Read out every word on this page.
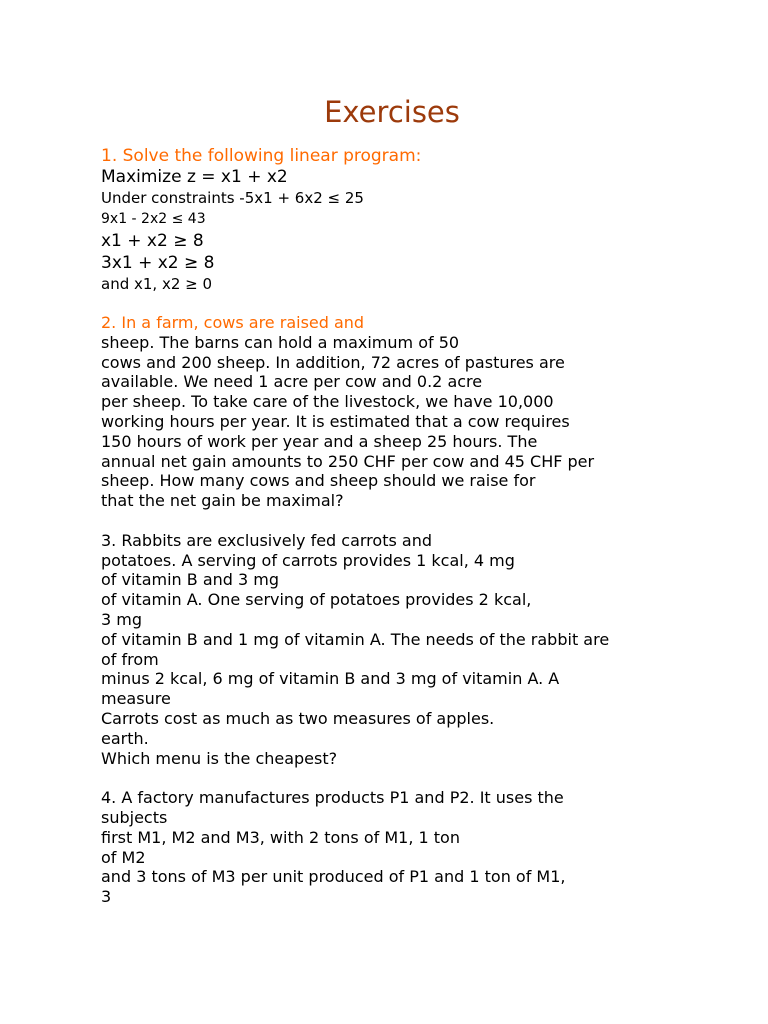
Exercises
1. Solve the following linear program:
Maximize z = x1 + x2
Under constraints -5x1 + 6x2 ≤ 25
9x1 - 2x2 ≤ 43
x1 + x2 ≥ 8
3x1 + x2 ≥ 8
and x1, x2 ≥ 0
2. In a farm, cows are raised and
sheep. The barns can hold a maximum of 50
cows and 200 sheep. In addition, 72 acres of pastures are
available. We need 1 acre per cow and 0.2 acre
per sheep. To take care of the livestock, we have 10,000
working hours per year. It is estimated that a cow requires
150 hours of work per year and a sheep 25 hours. The
annual net gain amounts to 250 CHF per cow and 45 CHF per
sheep. How many cows and sheep should we raise for
that the net gain be maximal?
3. Rabbits are exclusively fed carrots and
potatoes. A serving of carrots provides 1 kcal, 4 mg
of vitamin B and 3 mg
of vitamin A. One serving of potatoes provides 2 kcal,
3 mg
of vitamin B and 1 mg of vitamin A. The needs of the rabbit are
of from
minus 2 kcal, 6 mg of vitamin B and 3 mg of vitamin A. A
measure
Carrots cost as much as two measures of apples.
earth.
Which menu is the cheapest?
4. A factory manufactures products P1 and P2. It uses the
subjects
first M1, M2 and M3, with 2 tons of M1, 1 ton
of M2
and 3 tons of M3 per unit produced of P1 and 1 ton of M1,
3
